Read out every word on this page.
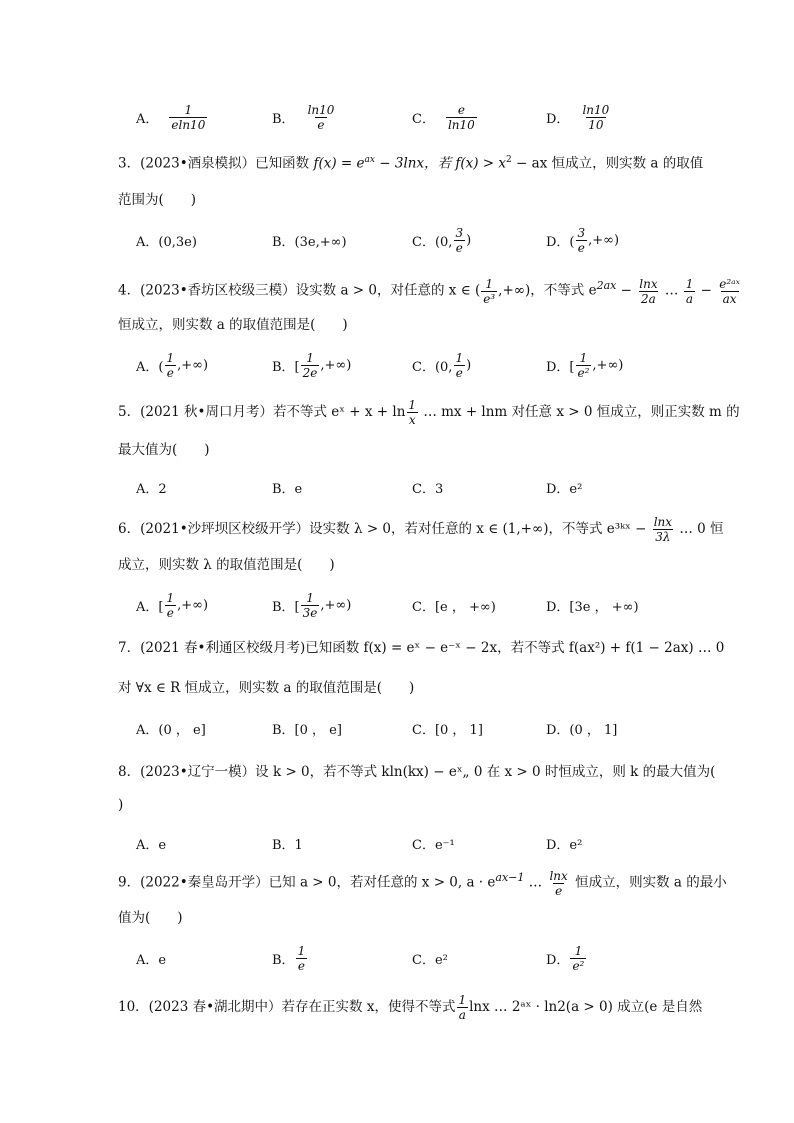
A． $\frac{1}{eln10}$	B． $\frac{\ln 10}{e}$	C． $\frac{e}{\ln 10}$	D． $\frac{\ln 10}{10}$
3．(2023•酒泉模拟）已知函数 $f(x) = e^{ax} - 3\ln x$，若 $f(x) > x^2$ − ax 恒成立，则实数 a 的取值
范围为(　　)
A．(0,3e)	B．(3e,+∞)	C．(0, $\frac{3}{e}$ )	D．( $\frac{3}{e}$ ,+∞)
4．(2023•香坊区校级三模）设实数 a > 0，对任意的 x ∈ ( $\frac{1}{\text{e³}}$ ,+∞)，不等式 $e^{2ax} - \frac{\ln x}{2a}$ … $\frac{1}{a} - \frac{\text{e²ᵃˣ}}{ax}$
恒成立，则实数 a 的取值范围是(　　)
A．( $\frac{1}{e}$ ,+∞)	B．[ $\frac{1}{2e}$ ,+∞)	C．(0, $\frac{1}{e}$ )	D．[ $\frac{1}{\text{e²}}$ ,+∞)
5．(2021 秋•周口月考）若不等式 eˣ + $x + \ln \frac{1}{x}$ … mx + lnm 对任意 x > 0 恒成立，则正实数 m 的
最大值为(　　)
A．2	B．e	C．3	D．e²
6．(2021•沙坪坝区校级开学）设实数 λ > 0，若对任意的 x ∈ (1,+∞)，不等式 e³ᵏˣ − $\frac{\ln x}{3\lambda}$ … 0 恒
成立，则实数 λ 的取值范围是(　　)
A．[ $\frac{1}{e}$ ,+∞)	B．[ $\frac{1}{3e}$ ,+∞)	C．[e ， +∞)	D．[3e ， +∞)
7．(2021 春•利通区校级月考)已知函数 f(x) = eˣ − e⁻ˣ − 2x，若不等式 f(ax²) + f(1 − 2ax) … 0
对 ∀x ∈ R 恒成立，则实数 a 的取值范围是(　　)
A．(0 ， e]	B．[0 ， e]	C．[0 ， 1]	D．(0 ， 1]
8．(2023•辽宁一模）设 k > 0，若不等式 kln(kx) − eˣ„ 0 在 x > 0 时恒成立，则 k 的最大值为(
)
A．e	B．1	C．e⁻¹	D．e²
9．(2022•秦皇岛开学）已知 a > 0，若对任意的 x > 0, $a \cdot e^{ax-1}$ … $\frac{\ln x}{e}$ 恒成立，则实数 a 的最小
值为(　　)
A．e	B． $\frac{1}{e}$	C．e²	D． $\frac{1}{\text{e²}}$
10．(2023 春•湖北期中）若存在正实数 x，使得不等式 $\frac{1}{a}$ lnx … 2ᵃˣ · ln2(a > 0) 成立(e 是自然
